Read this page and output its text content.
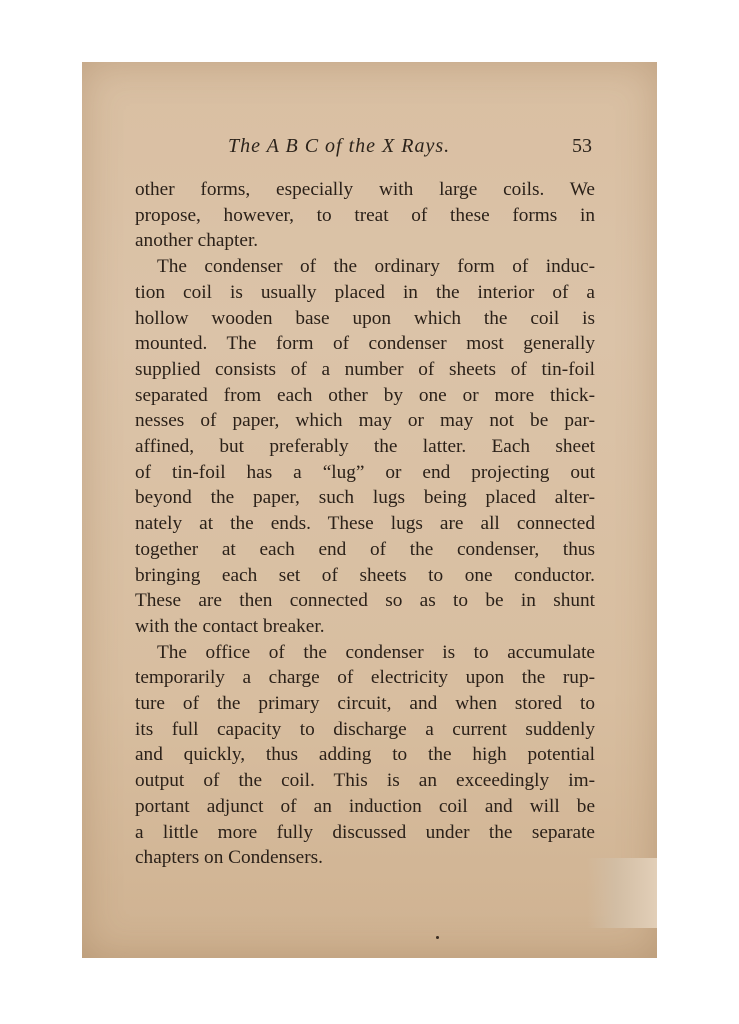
The A B C of the X Rays.	53
other forms, especially with large coils. We
propose, however, to treat of these forms in
another chapter.
The condenser of the ordinary form of induc-
tion coil is usually placed in the interior of a
hollow wooden base upon which the coil is
mounted. The form of condenser most generally
supplied consists of a number of sheets of tin-foil
separated from each other by one or more thick-
nesses of paper, which may or may not be par-
affined, but preferably the latter. Each sheet
of tin-foil has a “lug” or end projecting out
beyond the paper, such lugs being placed alter-
nately at the ends. These lugs are all connected
together at each end of the condenser, thus
bringing each set of sheets to one conductor.
These are then connected so as to be in shunt
with the contact breaker.
The office of the condenser is to accumulate
temporarily a charge of electricity upon the rup-
ture of the primary circuit, and when stored to
its full capacity to discharge a current suddenly
and quickly, thus adding to the high potential
output of the coil. This is an exceedingly im-
portant adjunct of an induction coil and will be
a little more fully discussed under the separate
chapters on Condensers.
